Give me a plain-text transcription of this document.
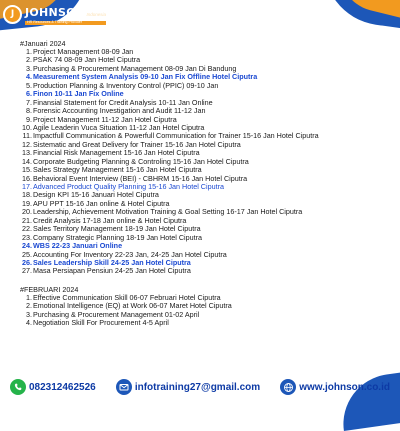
J JOHNSONIndonesia
HR Resources & Training Provider
#Januari 2024
1. Project Management 08-09 Jan
2. PSAK 74 08-09 Jan Hotel Ciputra
3. Purchasing & Procurement Management 08-09 Jan Di Bandung
4. Measurement System Analysis 09-10 Jan Fix Offline Hotel Ciputra
5. Production Planning & Inventory Control (PPIC) 09-10 Jan
6. Finon 10-11 Jan Fix Online
7. Finansial Statement for Credit Analysis 10-11 Jan Online
8. Forensic Accounting Investigation and Audit 11-12 Jan
9. Project Management 11-12 Jan Hotel Ciputra
10. Agile Leaderin Vuca Situation 11-12 Jan Hotel Ciputra
11. Impactfull Communication & Powerfull Communication for Trainer 15-16 Jan Hotel Ciputra
12. Sistematic and Great Delivery for Trainer 15-16 Jan Hotel Ciputra
13. Financial Risk Management 15-16 Jan Hotel Ciputra
14. Corporate Budgeting Planning & Controling 15-16 Jan Hotel Ciputra
15. Sales Strategy Management 15-16 Jan Hotel Ciputra
16. Behavioral Event Interview (BEI) - CBHRM 15-16 Jan Hotel Ciputra
17. Advanced Product Quality Planning 15-16 Jan Hotel Ciputra
18. Design KPI 15-16 Januari Hotel Ciputra
19. APU PPT 15-16 Jan online & Hotel Ciputra
20. Leadership, Achievement Motivation Training & Goal Setting 16-17 Jan Hotel Ciputra
21. Credit Analysis 17-18 Jan online & Hotel Ciputra
22. Sales Territory Management 18-19 Jan Hotel Ciputra
23. Company Strategic Planning 18-19 Jan Hotel Ciputra
24. WBS 22-23 Januari Online
25. Accounting For Inventory 22-23 Jan, 24-25 Jan Hotel Ciputra
26. Sales Leadership Skill 24-25 Jan Hotel Ciputra
27. Masa Persiapan Pensiun 24-25 Jan Hotel Ciputra
#FEBRUARI 2024
1. Effective Communication Skill 06-07 Februari Hotel Ciputra
2. Emotional Intelligence (EQ) at Work 06-07 Maret Hotel Ciputra
3. Purchasing & Procurement Management 01-02 April
4. Negotiation Skill For Procurement 4-5 April
082312462526	infotraining27@gmail.com	www.johnson.co.id
